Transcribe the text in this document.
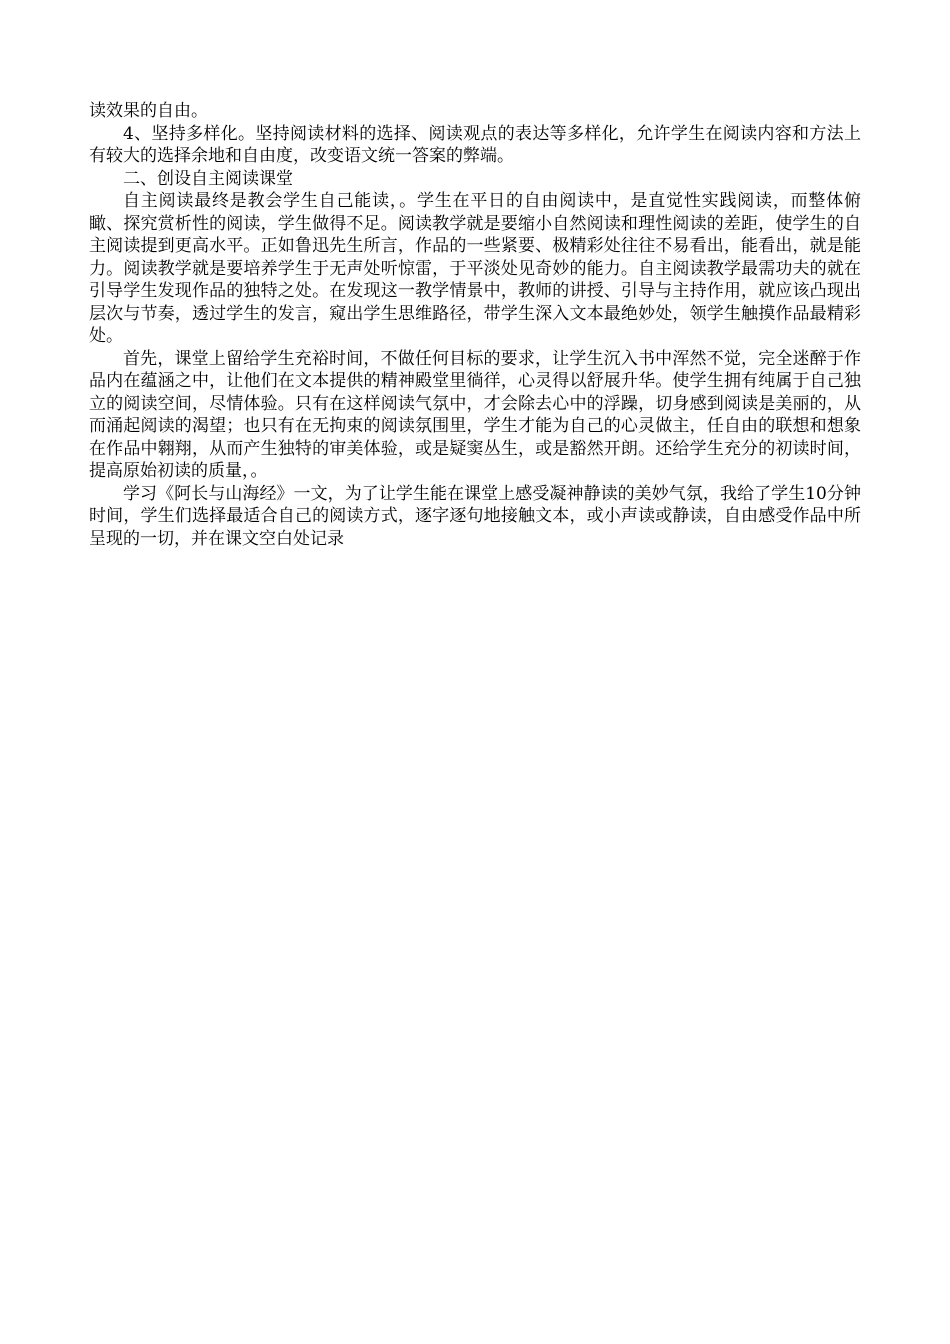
读效果的自由。

4、坚持多样化。坚持阅读材料的选择、阅读观点的表达等多样化，允许学生在阅读内容和方法上有较大的选择余地和自由度，改变语文统一答案的弊端。

二、创设自主阅读课堂

自主阅读最终是教会学生自己能读，。学生在平日的自由阅读中，是直觉性实践阅读，而整体俯瞰、探究赏析性的阅读，学生做得不足。阅读教学就是要缩小自然阅读和理性阅读的差距，使学生的自主阅读提到更高水平。正如鲁迅先生所言，作品的一些紧要、极精彩处往往不易看出，能看出，就是能力。阅读教学就是要培养学生于无声处听惊雷，于平淡处见奇妙的能力。自主阅读教学最需功夫的就在引导学生发现作品的独特之处。在发现这一教学情景中，教师的讲授、引导与主持作用，就应该凸现出层次与节奏，透过学生的发言，窥出学生思维路径，带学生深入文本最绝妙处，领学生触摸作品最精彩处。

首先，课堂上留给学生充裕时间，不做任何目标的要求，让学生沉入书中浑然不觉，完全迷醉于作品内在蕴涵之中，让他们在文本提供的精神殿堂里徜徉，心灵得以舒展升华。使学生拥有纯属于自己独立的阅读空间，尽情体验。只有在这样阅读气氛中，才会除去心中的浮躁，切身感到阅读是美丽的，从而涌起阅读的渴望；也只有在无拘束的阅读氛围里，学生才能为自己的心灵做主，任自由的联想和想象在作品中翱翔，从而产生独特的审美体验，或是疑窦丛生，或是豁然开朗。还给学生充分的初读时间，提高原始初读的质量，。

学习《阿长与山海经》一文，为了让学生能在课堂上感受凝神静读的美妙气氛，我给了学生10分钟时间，学生们选择最适合自己的阅读方式，逐字逐句地接触文本，或小声读或静读，自由感受作品中所呈现的一切，并在课文空白处记录
